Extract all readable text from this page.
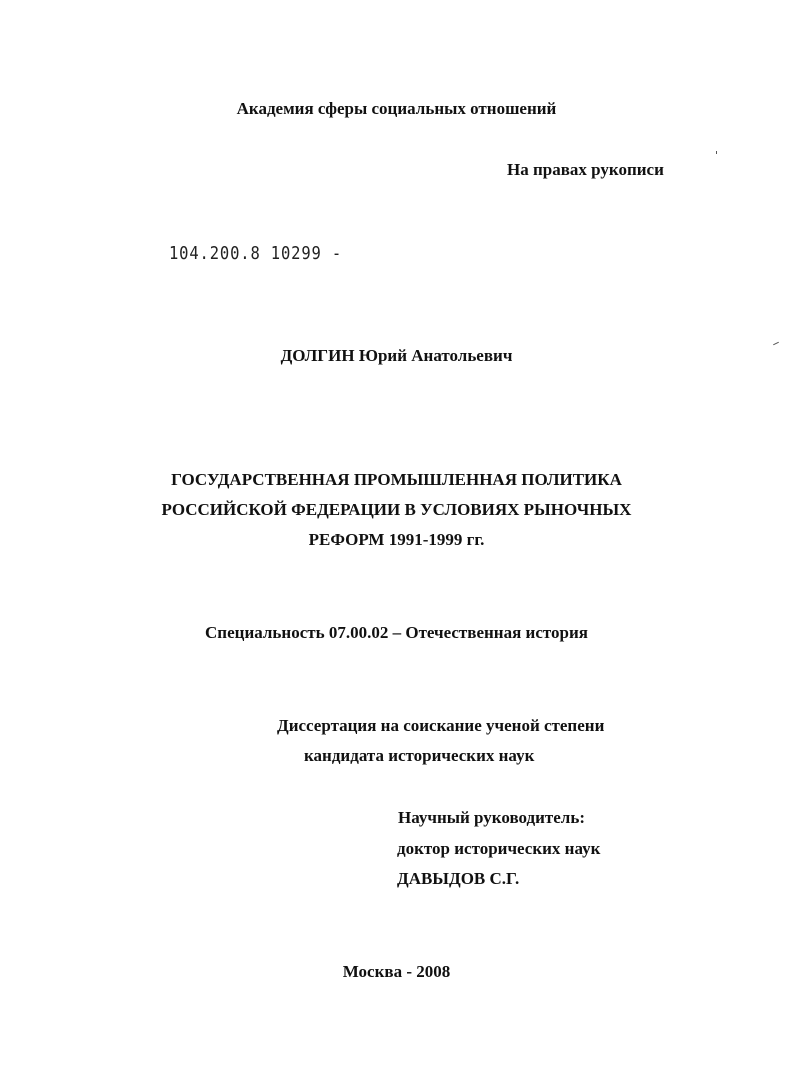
Академия сферы социальных отношений

На правах рукописи

104.200.8 10299 -

ДОЛГИН Юрий Анатольевич

ГОСУДАРСТВЕННАЯ ПРОМЫШЛЕННАЯ ПОЛИТИКА

РОССИЙСКОЙ ФЕДЕРАЦИИ В УСЛОВИЯХ РЫНОЧНЫХ

РЕФОРМ 1991-1999 гг.

Специальность 07.00.02 – Отечественная история

Диссертация на соискание ученой степени

кандидата исторических наук

Научный руководитель:

доктор исторических наук

ДАВЫДОВ С.Г.

Москва - 2008
